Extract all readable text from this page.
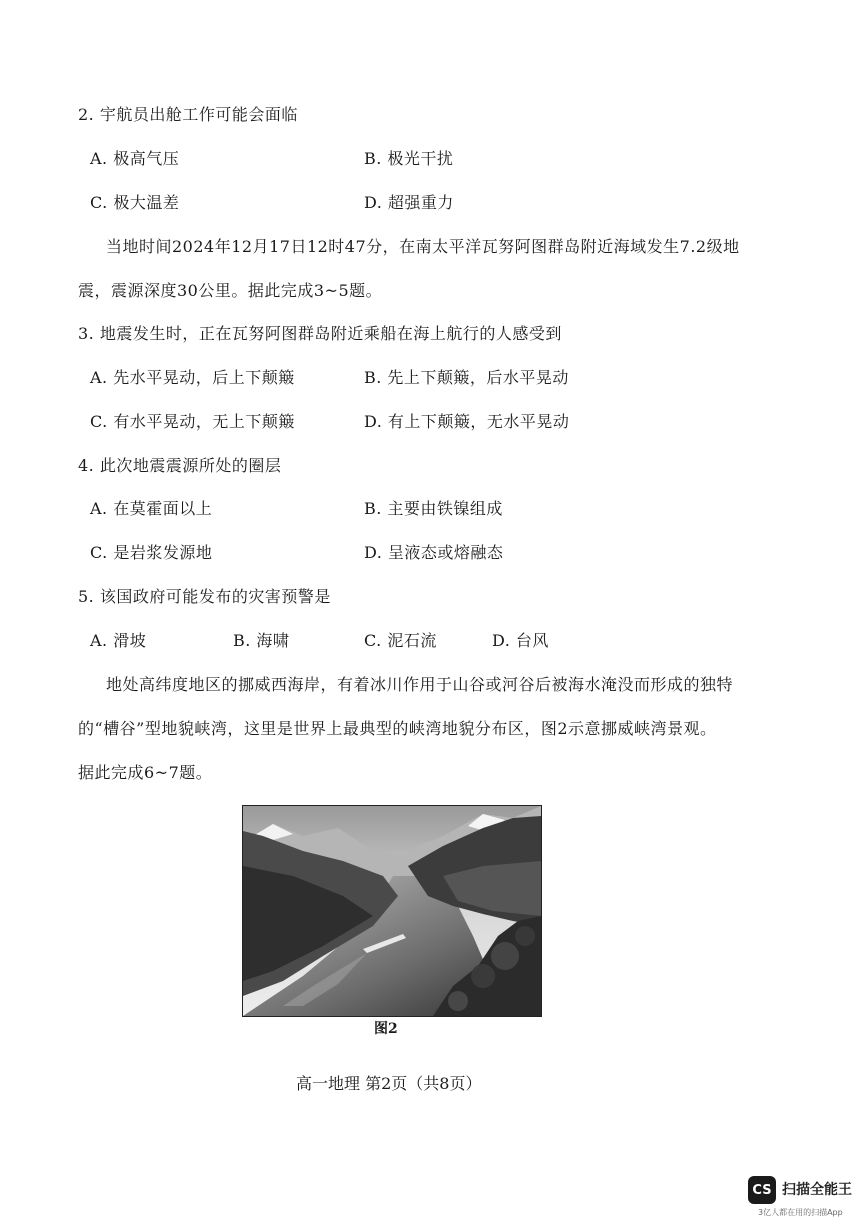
2. 宇航员出舱工作可能会面临
A. 极高气压	B. 极光干扰
C. 极大温差	D. 超强重力
当地时间2024年12月17日12时47分，在南太平洋瓦努阿图群岛附近海域发生7.2级地
震，震源深度30公里。据此完成3~5题。
3. 地震发生时，正在瓦努阿图群岛附近乘船在海上航行的人感受到
A. 先水平晃动，后上下颠簸	B. 先上下颠簸，后水平晃动
C. 有水平晃动，无上下颠簸	D. 有上下颠簸，无水平晃动
4. 此次地震震源所处的圈层
A. 在莫霍面以上	B. 主要由铁镍组成
C. 是岩浆发源地	D. 呈液态或熔融态
5. 该国政府可能发布的灾害预警是
A. 滑坡	B. 海啸	C. 泥石流	D. 台风
地处高纬度地区的挪威西海岸，有着冰川作用于山谷或河谷后被海水淹没而形成的独特
的“槽谷”型地貌峡湾，这里是世界上最典型的峡湾地貌分布区，图2示意挪威峡湾景观。
据此完成6~7题。
图2
高一地理 第2页（共8页）
CS 扫描全能王
3亿人都在用的扫描App
